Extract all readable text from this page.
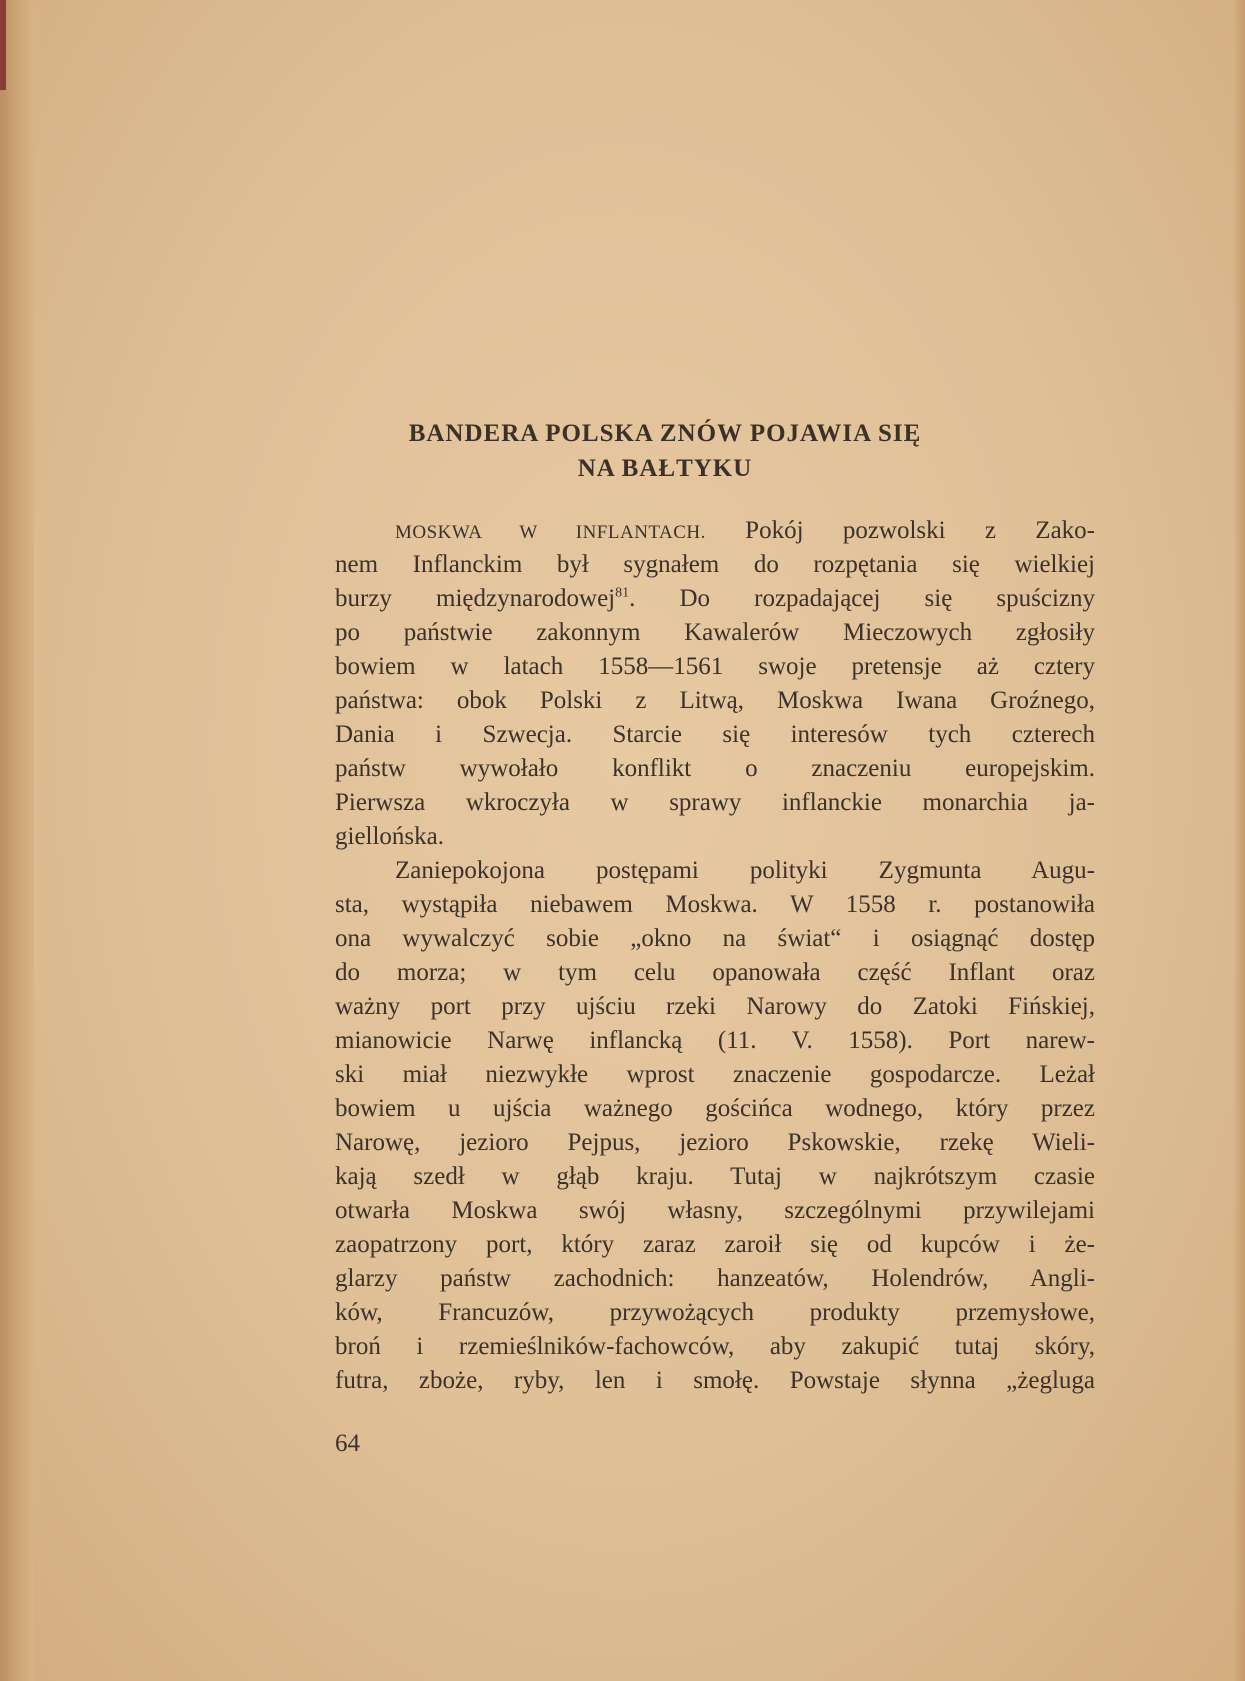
BANDERA POLSKA ZNÓW POJAWIA SIĘ
NA BAŁTYKU
MOSKWA W INFLANTACH. Pokój pozwolski z Zako-
nem Inflanckim był sygnałem do rozpętania się wielkiej
burzy międzynarodowej$^{81}$. Do rozpadającej się spuścizny
po państwie zakonnym Kawalerów Mieczowych zgłosiły
bowiem w latach 1558—1561 swoje pretensje aż cztery
państwa: obok Polski z Litwą, Moskwa Iwana Groźnego,
Dania i Szwecja. Starcie się interesów tych czterech
państw wywołało konflikt o znaczeniu europejskim.
Pierwsza wkroczyła w sprawy inflanckie monarchia ja-
giellońska.
Zaniepokojona postępami polityki Zygmunta Augu-
sta, wystąpiła niebawem Moskwa. W 1558 r. postanowiła
ona wywalczyć sobie „okno na świat“ i osiągnąć dostęp
do morza; w tym celu opanowała część Inflant oraz
ważny port przy ujściu rzeki Narowy do Zatoki Fińskiej,
mianowicie Narwę inflancką (11. V. 1558). Port narew-
ski miał niezwykłe wprost znaczenie gospodarcze. Leżał
bowiem u ujścia ważnego gościńca wodnego, który przez
Narowę, jezioro Pejpus, jezioro Pskowskie, rzekę Wieli-
kają szedł w głąb kraju. Tutaj w najkrótszym czasie
otwarła Moskwa swój własny, szczególnymi przywilejami
zaopatrzony port, który zaraz zaroił się od kupców i że-
glarzy państw zachodnich: hanzeatów, Holendrów, Angli-
ków, Francuzów, przywożących produkty przemysłowe,
broń i rzemieślników-fachowców, aby zakupić tutaj skóry,
futra, zboże, ryby, len i smołę. Powstaje słynna „żegluga
64
